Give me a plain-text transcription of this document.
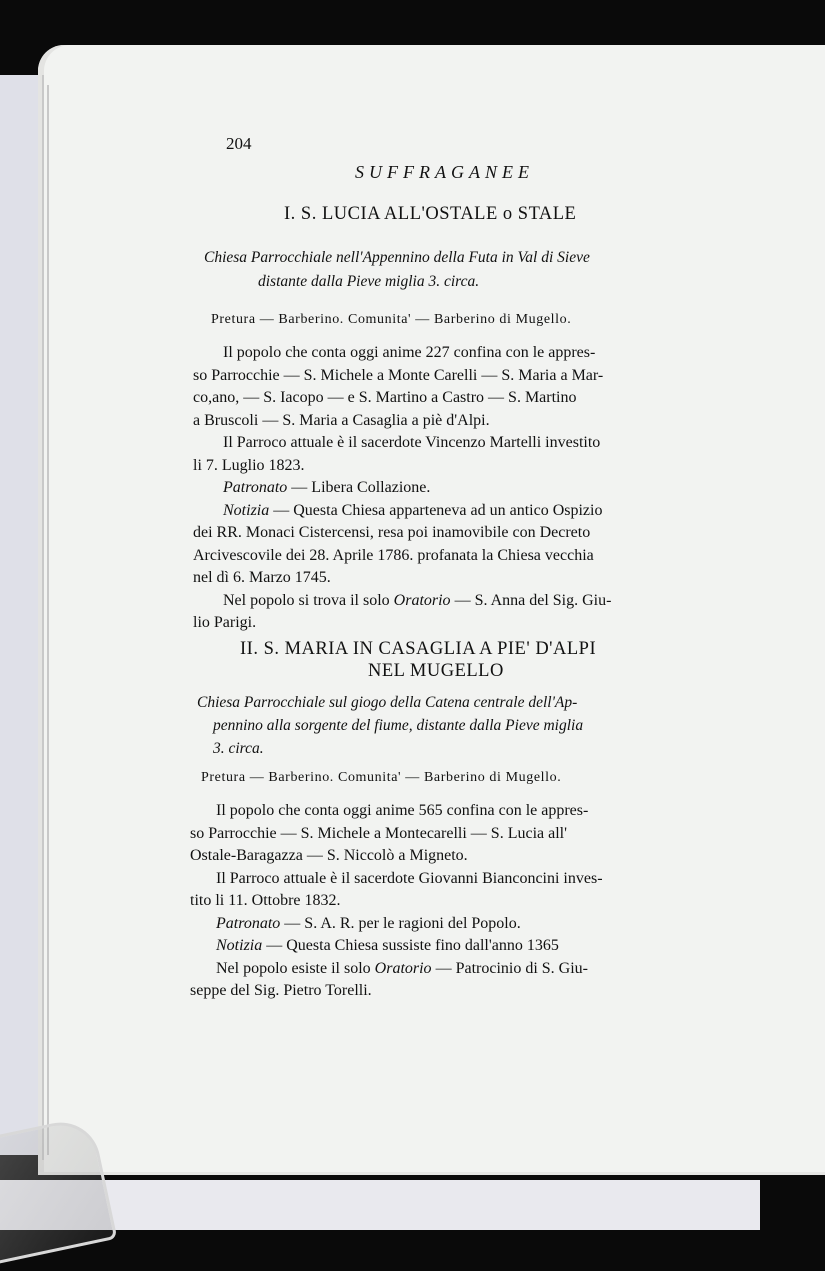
204

SUFFRAGANEE

I. S. LUCIA ALL'OSTALE o STALE

Chiesa Parrocchiale nell'Appennino della Futa in Val di Sieve

distante dalla Pieve miglia 3. circa.

Pretura — Barberino. Comunita' — Barberino di Mugello.

Il popolo che conta oggi anime 227 confina con le appres-
so Parrocchie — S. Michele a Monte Carelli — S. Maria a Mar-
co,ano, — S. Iacopo — e S. Martino a Castro — S. Martino
a Bruscoli — S. Maria a Casaglia a piè d'Alpi.
Il Parroco attuale è il sacerdote Vincenzo Martelli investito
li 7. Luglio 1823.
Patronato — Libera Collazione.
Notizia — Questa Chiesa apparteneva ad un antico Ospizio
dei RR. Monaci Cistercensi, resa poi inamovibile con Decreto
Arcivescovile dei 28. Aprile 1786. profanata la Chiesa vecchia
nel dì 6. Marzo 1745.
Nel popolo si trova il solo Oratorio — S. Anna del Sig. Giu-
lio Parigi.

II. S. MARIA IN CASAGLIA A PIE' D'ALPI

NEL MUGELLO

Chiesa Parrocchiale sul giogo della Catena centrale dell'Ap-

pennino alla sorgente del fiume, distante dalla Pieve miglia

3. circa.

Pretura — Barberino. Comunita' — Barberino di Mugello.

Il popolo che conta oggi anime 565 confina con le appres-
so Parrocchie — S. Michele a Montecarelli — S. Lucia all'
Ostale-Baragazza — S. Niccolò a Migneto.
Il Parroco attuale è il sacerdote Giovanni Bianconcini inves-
tito li 11. Ottobre 1832.
Patronato — S. A. R. per le ragioni del Popolo.
Notizia — Questa Chiesa sussiste fino dall'anno 1365
Nel popolo esiste il solo Oratorio — Patrocinio di S. Giu-
seppe del Sig. Pietro Torelli.
